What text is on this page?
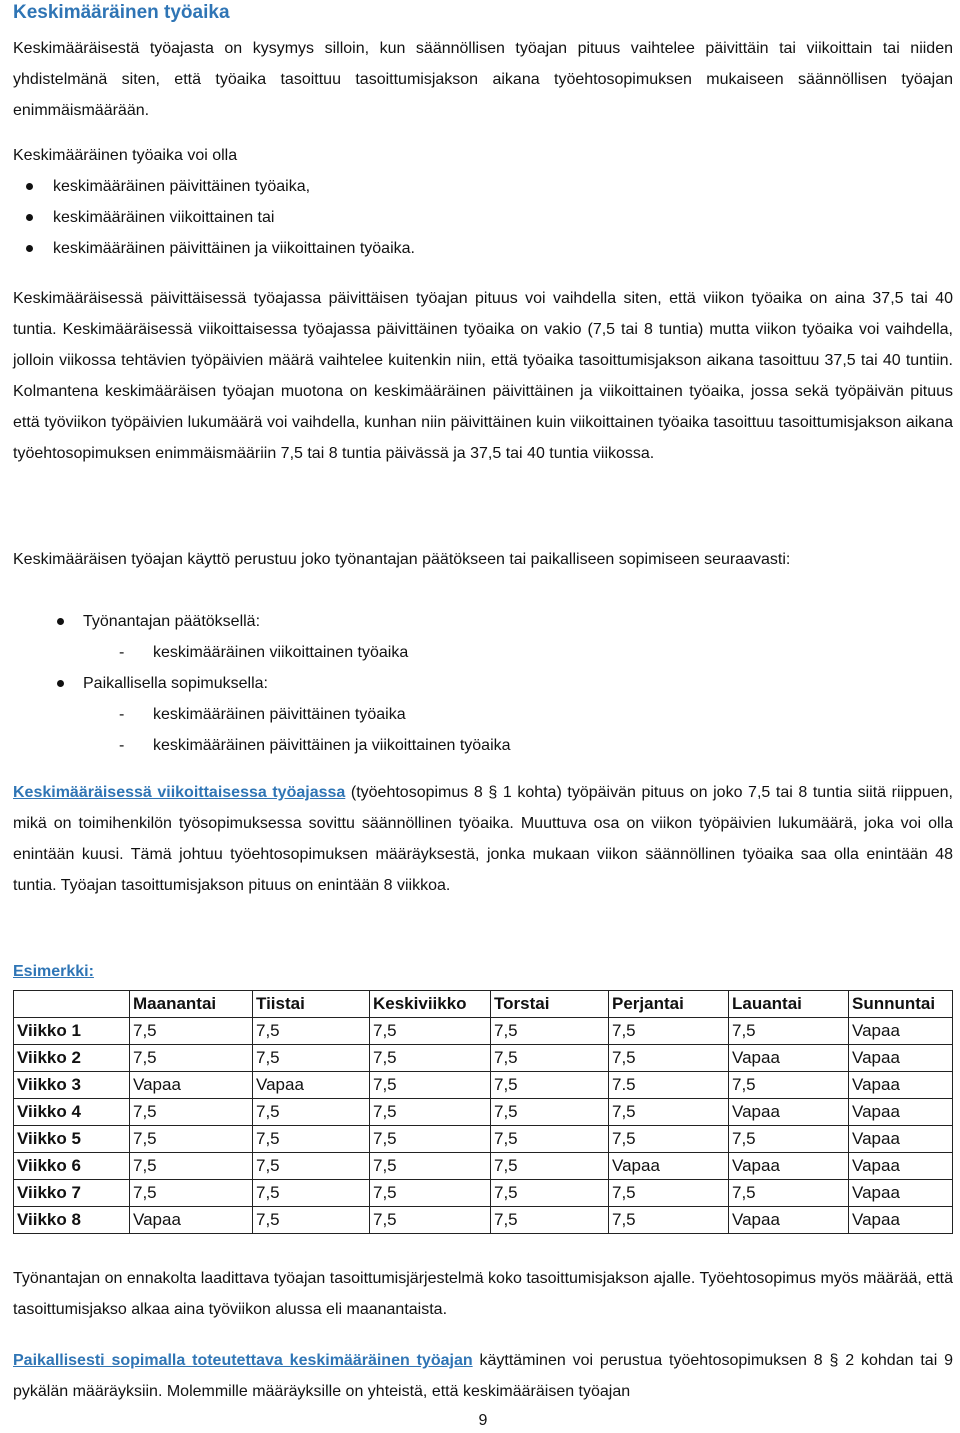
Keskimääräinen työaika

Keskimääräisestä työajasta on kysymys silloin, kun säännöllisen työajan pituus vaihtelee päivittäin tai viikoittain tai niiden yhdistelmänä siten, että työaika tasoittuu tasoittumisjakson aikana työehtosopimuksen mukaiseen säännöllisen työajan enimmäismäärään.

Keskimääräinen työaika voi olla

keskimääräinen päivittäinen työaika,
keskimääräinen viikoittainen tai
keskimääräinen päivittäinen ja viikoittainen työaika.

Keskimääräisessä päivittäisessä työajassa päivittäisen työajan pituus voi vaihdella siten, että viikon työaika on aina 37,5 tai 40 tuntia. Keskimääräisessä viikoittaisessa työajassa päivittäinen työaika on vakio (7,5 tai 8 tuntia) mutta viikon työaika voi vaihdella, jolloin viikossa tehtävien työpäivien määrä vaihtelee kuitenkin niin, että työaika tasoittumisjakson aikana tasoittuu 37,5 tai 40 tuntiin. Kolmantena keskimääräisen työajan muotona on keskimääräinen päivittäinen ja viikoittainen työaika, jossa sekä työpäivän pituus että työviikon työpäivien lukumäärä voi vaihdella, kunhan niin päivittäinen kuin viikoittainen työaika tasoittuu tasoittumisjakson aikana työehtosopimuksen enimmäismääriin 7,5 tai 8 tuntia päivässä ja 37,5 tai 40 tuntia viikossa.

Keskimääräisen työajan käyttö perustuu joko työnantajan päätökseen tai paikalliseen sopimiseen seuraavasti:

Työnantajan päätöksellä:
- keskimääräinen viikoittainen työaika
Paikallisella sopimuksella:
- keskimääräinen päivittäinen työaika
- keskimääräinen päivittäinen ja viikoittainen työaika

Keskimääräisessä viikoittaisessa työajassa (työehtosopimus 8 § 1 kohta) työpäivän pituus on joko 7,5 tai 8 tuntia siitä riippuen, mikä on toimihenkilön työsopimuksessa sovittu säännöllinen työaika. Muuttuva osa on viikon työpäivien lukumäärä, joka voi olla enintään kuusi. Tämä johtuu työehtosopimuksen määräyksestä, jonka mukaan viikon säännöllinen työaika saa olla enintään 48 tuntia. Työajan tasoittumisjakson pituus on enintään 8 viikkoa.

Esimerkki:

	Maanantai	Tiistai	Keskiviikko	Torstai	Perjantai	Lauantai	Sunnuntai
Viikko 1	7,5	7,5	7,5	7,5	7,5	7,5	Vapaa
Viikko 2	7,5	7,5	7,5	7,5	7,5	Vapaa	Vapaa
Viikko 3	Vapaa	Vapaa	7,5	7,5	7.5	7,5	Vapaa
Viikko 4	7,5	7,5	7,5	7,5	7,5	Vapaa	Vapaa
Viikko 5	7,5	7,5	7,5	7,5	7,5	7,5	Vapaa
Viikko 6	7,5	7,5	7,5	7,5	Vapaa	Vapaa	Vapaa
Viikko 7	7,5	7,5	7,5	7,5	7,5	7,5	Vapaa
Viikko 8	Vapaa	7,5	7,5	7,5	7,5	Vapaa	Vapaa

Työnantajan on ennakolta laadittava työajan tasoittumisjärjestelmä koko tasoittumisjakson ajalle. Työehtosopimus myös määrää, että tasoittumisjakso alkaa aina työviikon alussa eli maanantaista.

Paikallisesti sopimalla toteutettava keskimääräinen työajan käyttäminen voi perustua työehtosopimuksen 8 § 2 kohdan tai 9 pykälän määräyksiin. Molemmille määräyksille on yhteistä, että keskimääräisen työajan

9
